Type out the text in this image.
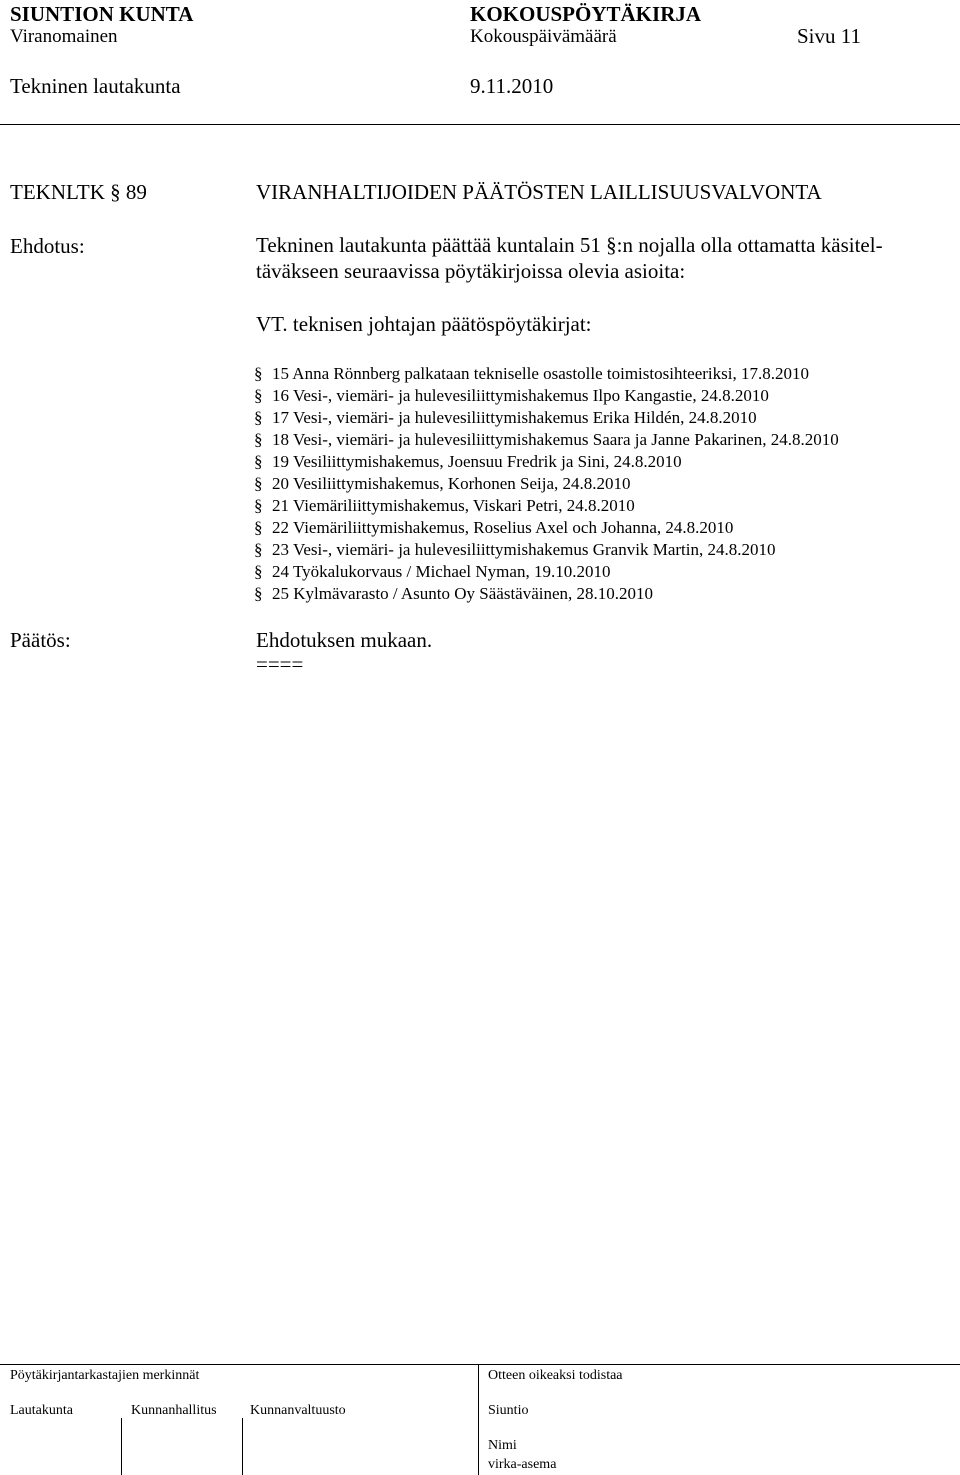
SIUNTION KUNTA	KOKOUSPÖYTÄKIRJA
Viranomainen	Kokouspäivämäärä	Sivu 11
Tekninen lautakunta	9.11.2010
TEKNLTK § 89	VIRANHALTIJOIDEN PÄÄTÖSTEN LAILLISUUSVALVONTA
Ehdotus:	Tekninen lautakunta päättää kuntalain 51 §:n nojalla olla ottamatta käsitel-
täväkseen seuraavissa pöytäkirjoissa olevia asioita:
VT. teknisen johtajan päätöspöytäkirjat:
§ 15 Anna Rönnberg palkataan tekniselle osastolle toimistosihteeriksi, 17.8.2010
§ 16 Vesi-, viemäri- ja hulevesiliittymishakemus Ilpo Kangastie, 24.8.2010
§ 17 Vesi-, viemäri- ja hulevesiliittymishakemus Erika Hildén, 24.8.2010
§ 18 Vesi-, viemäri- ja hulevesiliittymishakemus Saara ja Janne Pakarinen, 24.8.2010
§ 19 Vesiliittymishakemus, Joensuu Fredrik ja Sini, 24.8.2010
§ 20 Vesiliittymishakemus, Korhonen Seija, 24.8.2010
§ 21 Viemäriliittymishakemus, Viskari Petri, 24.8.2010
§ 22 Viemäriliittymishakemus, Roselius Axel och Johanna, 24.8.2010
§ 23 Vesi-, viemäri- ja hulevesiliittymishakemus Granvik Martin, 24.8.2010
§ 24 Työkalukorvaus / Michael Nyman, 19.10.2010
§ 25 Kylmävarasto / Asunto Oy Säästäväinen, 28.10.2010
Päätös:	Ehdotuksen mukaan.
====
Pöytäkirjantarkastajien merkinnät	Otteen oikeaksi todistaa
Lautakunta	Kunnanhallitus Kunnanvaltuusto	Siuntio
Nimi
virka-asema
